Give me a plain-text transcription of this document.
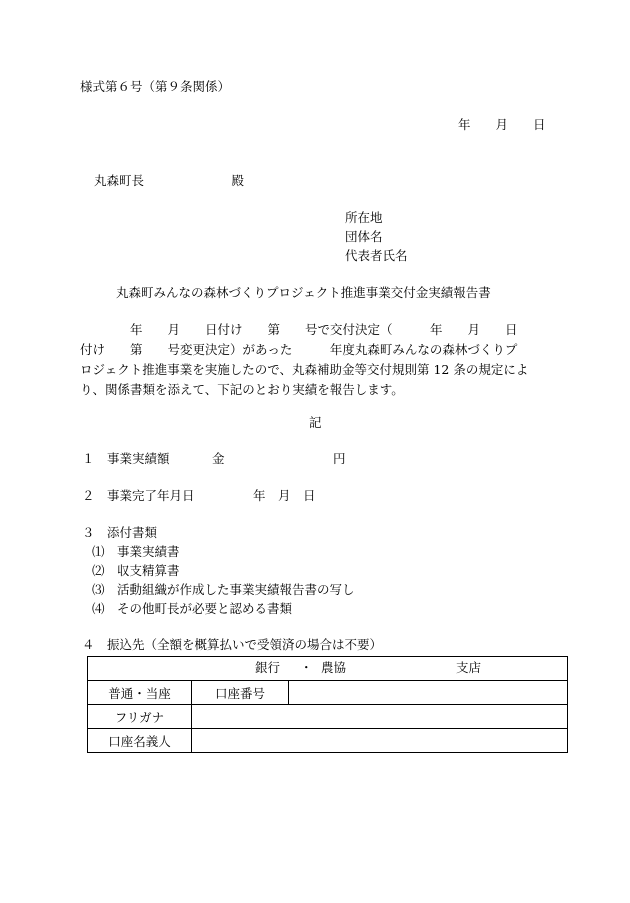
様式第６号（第９条関係）
年　　月　　日
丸森町長　　　　　　　殿
所在地
団体名
代表者氏名
丸森町みんなの森林づくりプロジェクト推進事業交付金実績報告書
　　　　年　　月　　日付け　　第　　号で交付決定（　　　年　　月　　日
付け　　第　　号変更決定）があった　　　年度丸森町みんなの森林づくりプ
ロジェクト推進事業を実施したので、丸森補助金等交付規則第 12 条の規定によ
り、関係書類を添えて、下記のとおり実績を報告します。
記
１ 事業実績額	金	円
２ 事業完了年月日	年　月　日
３ 添付書類
⑴　事業実績書
⑵　収支精算書
⑶　活動組織が作成した事業実績報告書の写し
⑷　その他町長が必要と認める書類
４ 振込先（全額を概算払いで受領済の場合は不要）
銀行 ・ 農協 支店		

普通・当座	口座番号	
フリガナ		
口座名義人		
